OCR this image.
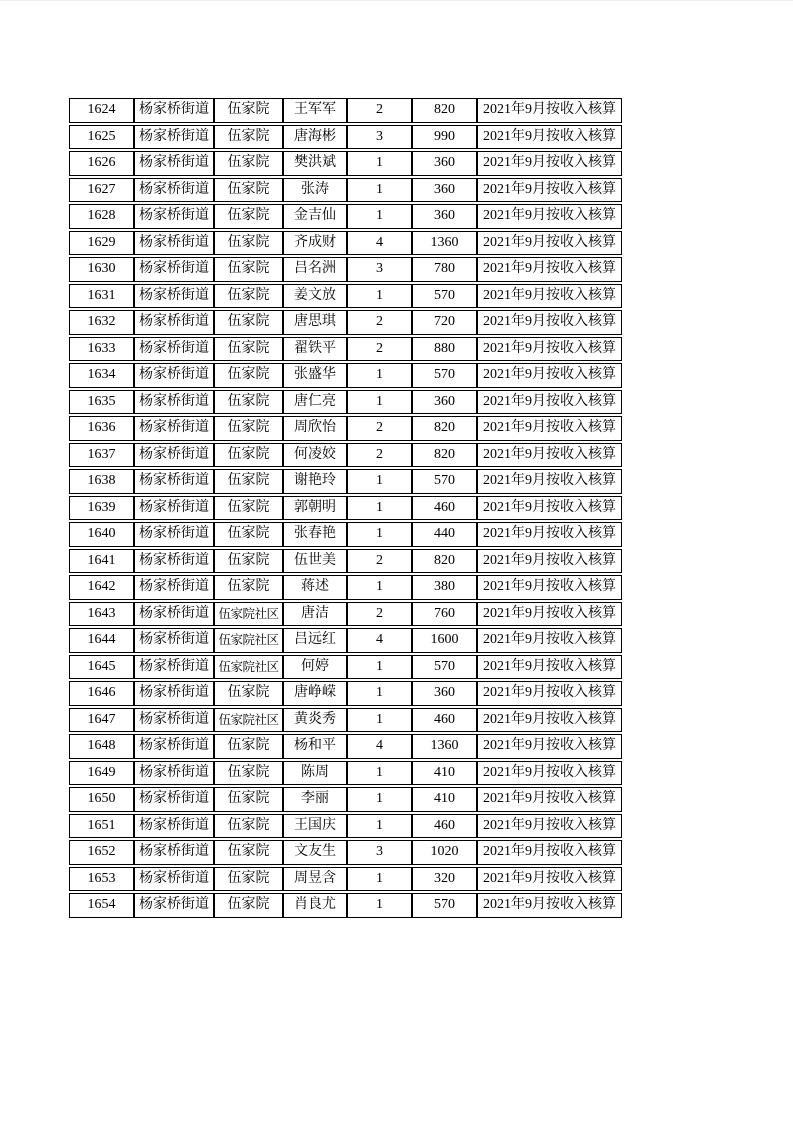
1624	杨家桥街道	伍家院	王军军	2	820	2021年9月按收入核算
1625	杨家桥街道	伍家院	唐海彬	3	990	2021年9月按收入核算
1626	杨家桥街道	伍家院	樊洪斌	1	360	2021年9月按收入核算
1627	杨家桥街道	伍家院	张涛	1	360	2021年9月按收入核算
1628	杨家桥街道	伍家院	金吉仙	1	360	2021年9月按收入核算
1629	杨家桥街道	伍家院	齐成财	4	1360	2021年9月按收入核算
1630	杨家桥街道	伍家院	吕名洲	3	780	2021年9月按收入核算
1631	杨家桥街道	伍家院	姜文放	1	570	2021年9月按收入核算
1632	杨家桥街道	伍家院	唐思琪	2	720	2021年9月按收入核算
1633	杨家桥街道	伍家院	翟铁平	2	880	2021年9月按收入核算
1634	杨家桥街道	伍家院	张盛华	1	570	2021年9月按收入核算
1635	杨家桥街道	伍家院	唐仁亮	1	360	2021年9月按收入核算
1636	杨家桥街道	伍家院	周欣怡	2	820	2021年9月按收入核算
1637	杨家桥街道	伍家院	何凌姣	2	820	2021年9月按收入核算
1638	杨家桥街道	伍家院	谢艳玲	1	570	2021年9月按收入核算
1639	杨家桥街道	伍家院	郭朝明	1	460	2021年9月按收入核算
1640	杨家桥街道	伍家院	张春艳	1	440	2021年9月按收入核算
1641	杨家桥街道	伍家院	伍世美	2	820	2021年9月按收入核算
1642	杨家桥街道	伍家院	蒋述	1	380	2021年9月按收入核算
1643	杨家桥街道	伍家院社区	唐洁	2	760	2021年9月按收入核算
1644	杨家桥街道	伍家院社区	吕远红	4	1600	2021年9月按收入核算
1645	杨家桥街道	伍家院社区	何婷	1	570	2021年9月按收入核算
1646	杨家桥街道	伍家院	唐峥嵘	1	360	2021年9月按收入核算
1647	杨家桥街道	伍家院社区	黄炎秀	1	460	2021年9月按收入核算
1648	杨家桥街道	伍家院	杨和平	4	1360	2021年9月按收入核算
1649	杨家桥街道	伍家院	陈周	1	410	2021年9月按收入核算
1650	杨家桥街道	伍家院	李丽	1	410	2021年9月按收入核算
1651	杨家桥街道	伍家院	王国庆	1	460	2021年9月按收入核算
1652	杨家桥街道	伍家院	文友生	3	1020	2021年9月按收入核算
1653	杨家桥街道	伍家院	周昱含	1	320	2021年9月按收入核算
1654	杨家桥街道	伍家院	肖良尤	1	570	2021年9月按收入核算
